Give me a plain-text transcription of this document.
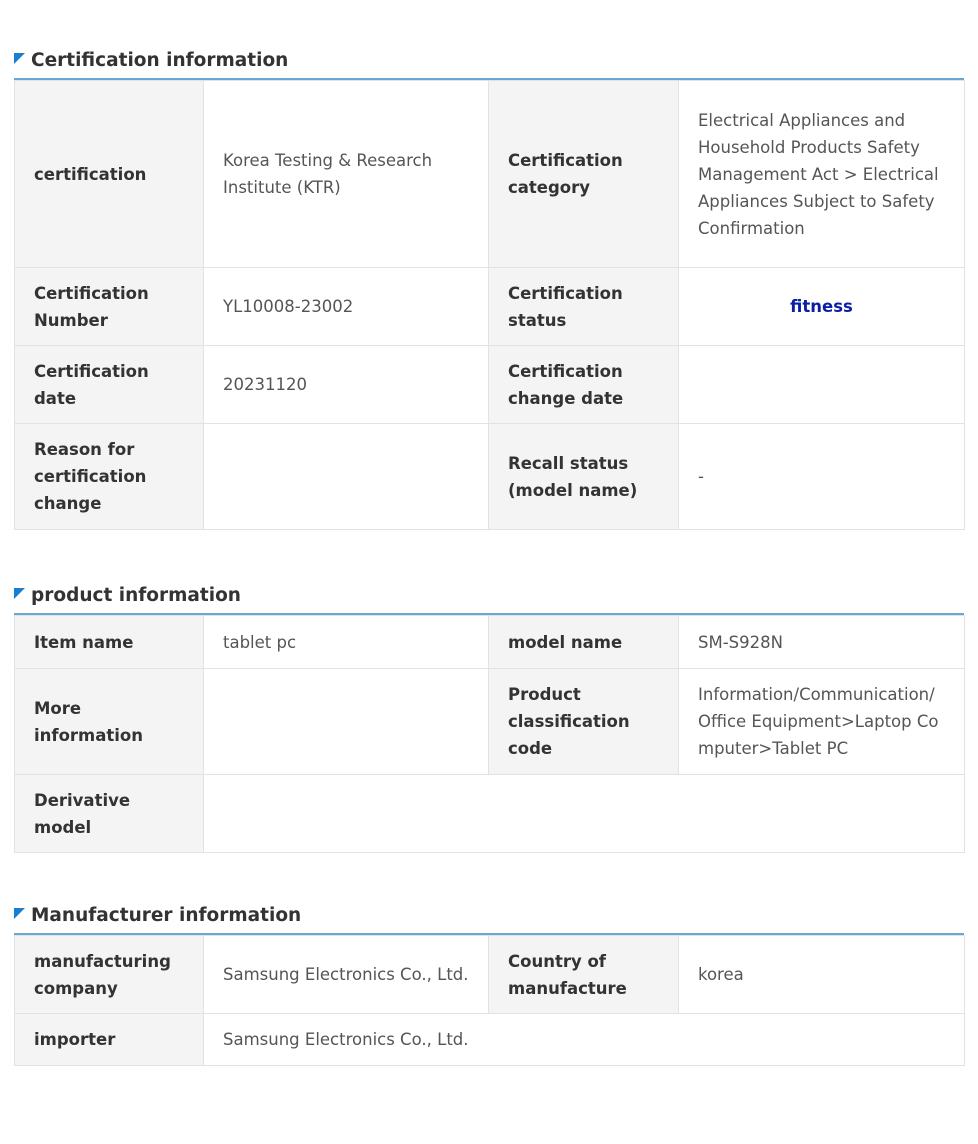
Certification information
certification	Korea Testing & Research Institute (KTR)	Certification category	Electrical Appliances and Household Products Safety Management Act > Electrical Appliances Subject to Safety Confirmation
Certification Number	YL10008-23002	Certification status	fitness
Certification date	20231120	Certification change date	
Reason for certification change		Recall status (model name)	-
product information
Item name	tablet pc	model name	SM-S928N
More information		Product classification code	Information/Communication/Office Equipment>Laptop Computer>Tablet PC
Derivative model			
Manufacturer information
manufacturing company	Samsung Electronics Co., Ltd.	Country of manufacture	korea
importer	Samsung Electronics Co., Ltd.		
